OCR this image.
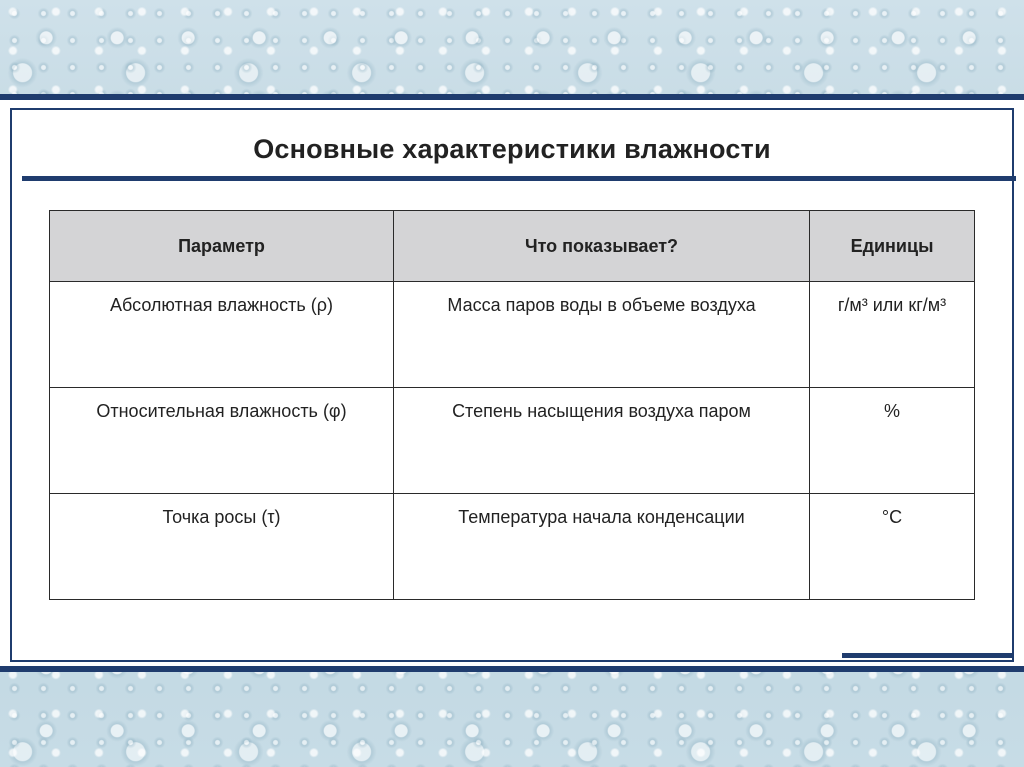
Основные характеристики влажности
Параметр	Что показывает?	Единицы
Абсолютная влажность (ρ)	Масса паров воды в объеме воздуха	г/м³ или кг/м³
Относительная влажность (φ)	Степень насыщения воздуха паром	%
Точка росы (τ)	Температура начала конденсации	°C
